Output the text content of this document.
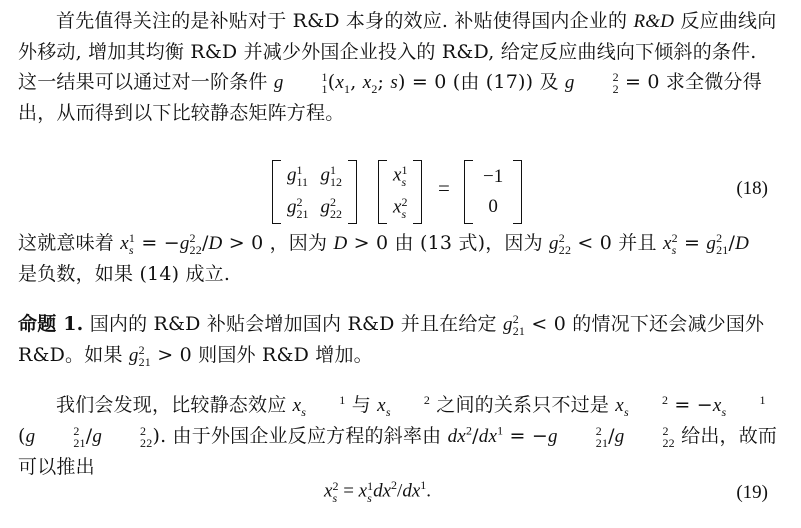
首先值得关注的是补贴对于 R&D 本身的效应. 补贴使得国内企业的 R&D 反应曲线向外移动, 增加其均衡 R&D 并减少外国企业投入的 R&D, 给定反应曲线向下倾斜的条件. 这一结果可以通过对一阶条件 g	1
1 ($x_1$, $x_2$; s) = 0 (由 (17)) 及 g	2
2 = 0 求全微分得出，从而得到以下比较静态矩阵方程。
g 1
11 g 1
12
g 2
21 g 2
22
x 1
s
x 2
s
= −1
0
(18)
这就意味着 x 1
s = −g 2
22 /D > 0 ，因为 D > 0 由 (13 式)，因为 g 2
22 < 0 并且 x 2
s = g 2
21 /D
是负数，如果 (14) 成立.
命题 1. 国内的 R&D 补贴会增加国内 R&D 并且在给定 g 2
21 < 0 的情况下还会减少国外 R&D。如果 g 2
21 > 0 则国外 R&D 增加。
我们会发现，比较静态效应 x	1
s 与 x	2
s 之间的关系只不过是 x	2
s = −x	1
s(g	2
21 /g	2
22 ). 由于外国企业反应方程的斜率由 $dx^2/dx^1 = -g$	2
21 /g	2
22 给出，故而可以推出
x 2
s = x 1
$sdx^2/dx^1$.	(19)
